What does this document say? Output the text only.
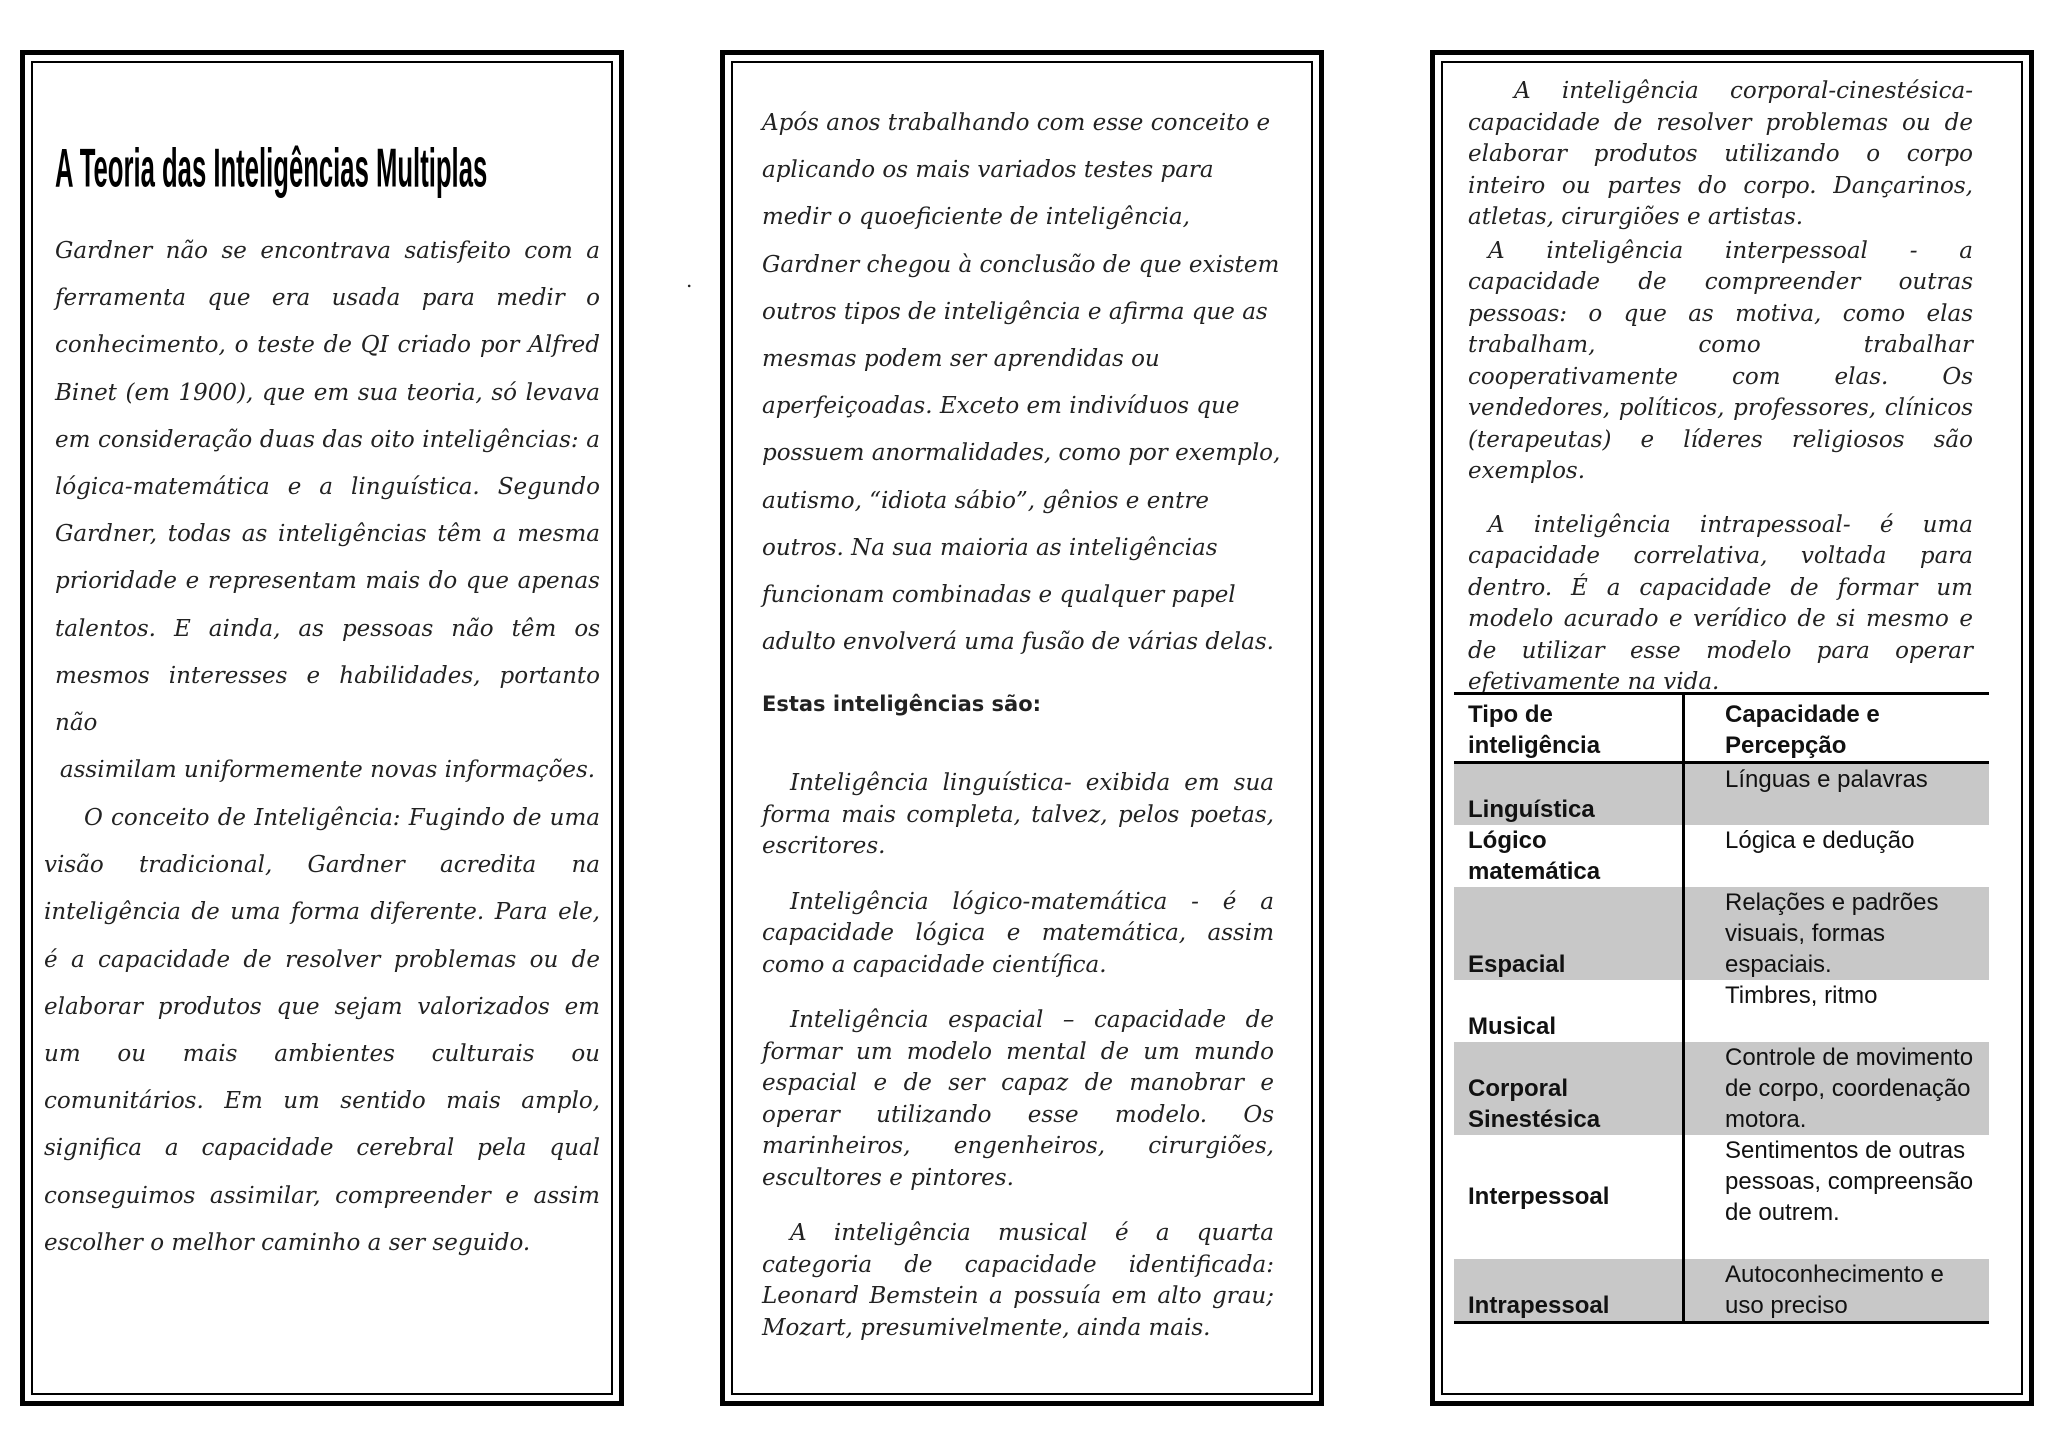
A Teoria das Inteligências Multiplas
Gardner não se encontrava satisfeito com a ferramenta que era usada para medir o conhecimento, o teste de QI criado por Alfred Binet (em 1900), que em sua teoria, só levava em consideração duas das oito inteligências: a lógica-matemática e a linguística. Segundo Gardner, todas as inteligências têm a mesma prioridade e representam mais do que apenas talentos. E ainda, as pessoas não têm os mesmos interesses e habilidades, portanto não

assimilam uniformemente novas informações.

O conceito de Inteligência: Fugindo de uma visão tradicional, Gardner acredita na inteligência de uma forma diferente. Para ele, é a capacidade de resolver problemas ou de elaborar produtos que sejam valorizados em um ou mais ambientes culturais ou comunitários. Em um sentido mais amplo, significa a capacidade cerebral pela qual conseguimos assimilar, compreender e assim escolher o melhor caminho a ser seguido.
.
Após anos trabalhando com esse conceito e aplicando os mais variados testes para medir o quoeficiente de inteligência, Gardner chegou à conclusão de que existem outros tipos de inteligência e afirma que as mesmas podem ser aprendidas ou aperfeiçoadas. Exceto em indivíduos que possuem anormalidades, como por exemplo, autismo, “idiota sábio”, gênios e entre outros. Na sua maioria as inteligências funcionam combinadas e qualquer papel adulto envolverá uma fusão de várias delas.
Estas inteligências são:

Inteligência linguística- exibida em sua forma mais completa, talvez, pelos poetas, escritores.

Inteligência lógico-matemática - é a capacidade lógica e matemática, assim como a capacidade científica.

Inteligência espacial – capacidade de formar um modelo mental de um mundo espacial e de ser capaz de manobrar e operar utilizando esse modelo. Os marinheiros, engenheiros, cirurgiões, escultores e pintores.

A inteligência musical é a quarta categoria de capacidade identificada: Leonard Bemstein a possuía em alto grau; Mozart, presumivelmente, ainda mais.

A inteligência corporal-cinestésica- capacidade de resolver problemas ou de elaborar produtos utilizando o corpo inteiro ou partes do corpo. Dançarinos, atletas, cirurgiões e artistas.

A inteligência interpessoal - a capacidade de compreender outras pessoas: o que as motiva, como elas trabalham, como trabalhar cooperativamente com elas. Os vendedores, políticos, professores, clínicos (terapeutas) e líderes religiosos são exemplos.

A inteligência intrapessoal- é uma capacidade correlativa, voltada para dentro. É a capacidade de formar um modelo acurado e verídico de si mesmo e de utilizar esse modelo para operar efetivamente na vida.

Tipo de inteligência	Capacidade e Percepção
Linguística	Línguas e palavras
Lógico matemática	Lógica e dedução
Espacial	Relações e padrões visuais, formas espaciais.
Musical	Timbres, ritmo
Corporal Sinestésica	Controle de movimento de corpo, coordenação motora.
Interpessoal	Sentimentos de outras pessoas, compreensão de outrem.
Intrapessoal	Autoconhecimento e uso preciso
